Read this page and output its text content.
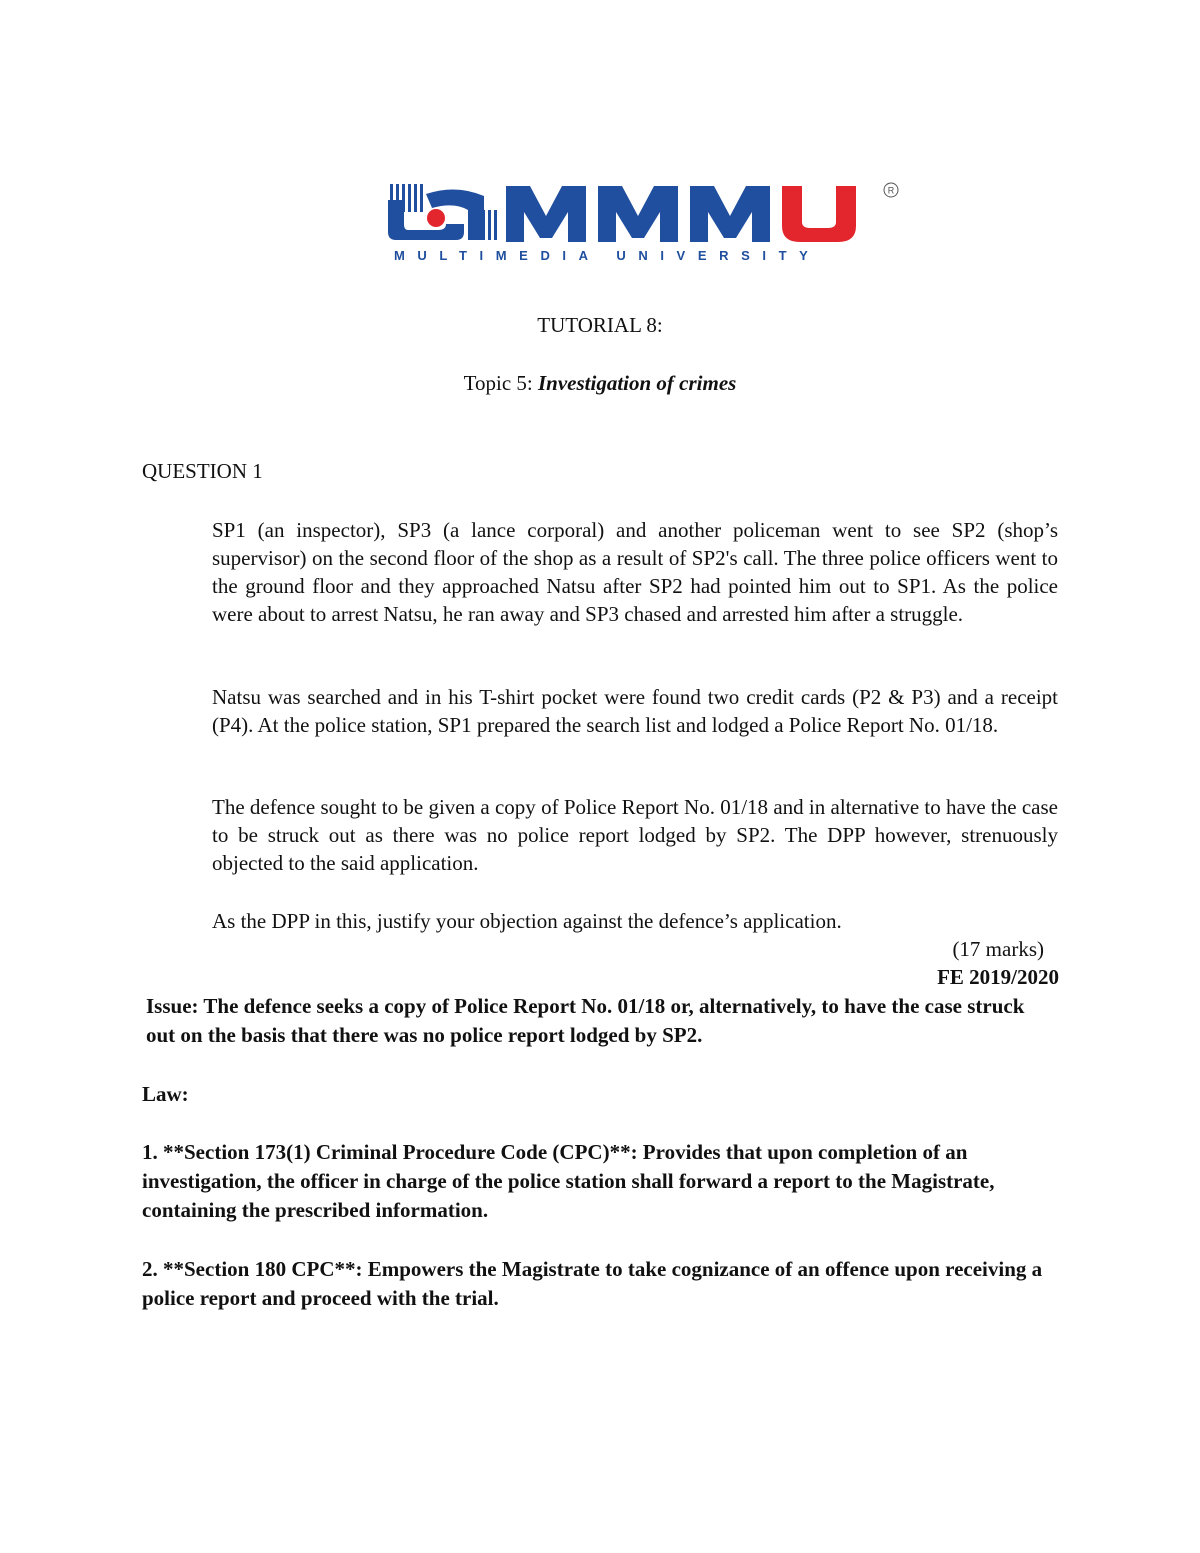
R
MULTIMEDIA UNIVERSITY
TUTORIAL 8:
Topic 5: Investigation of crimes
QUESTION 1

SP1 (an inspector), SP3 (a lance corporal) and another policeman went to see SP2 (shop’s supervisor) on the second floor of the shop as a result of SP2's call. The three police officers went to the ground floor and they approached Natsu after SP2 had pointed him out to SP1. As the police were about to arrest Natsu, he ran away and SP3 chased and arrested him after a struggle.

Natsu was searched and in his T-shirt pocket were found two credit cards (P2 & P3) and a receipt (P4). At the police station, SP1 prepared the search list and lodged a Police Report No. 01/18.

The defence sought to be given a copy of Police Report No. 01/18 and in alternative to have the case to be struck out as there was no police report lodged by SP2. The DPP however, strenuously objected to the said application.

As the DPP in this, justify your objection against the defence’s application.

(17 marks)
FE 2019/2020

Issue: The defence seeks a copy of Police Report No. 01/18 or, alternatively, to have the case struck out on the basis that there was no police report lodged by SP2.

Law:

1. **Section 173(1) Criminal Procedure Code (CPC)**: Provides that upon completion of an investigation, the officer in charge of the police station shall forward a report to the Magistrate, containing the prescribed information.

2. **Section 180 CPC**: Empowers the Magistrate to take cognizance of an offence upon receiving a police report and proceed with the trial.
